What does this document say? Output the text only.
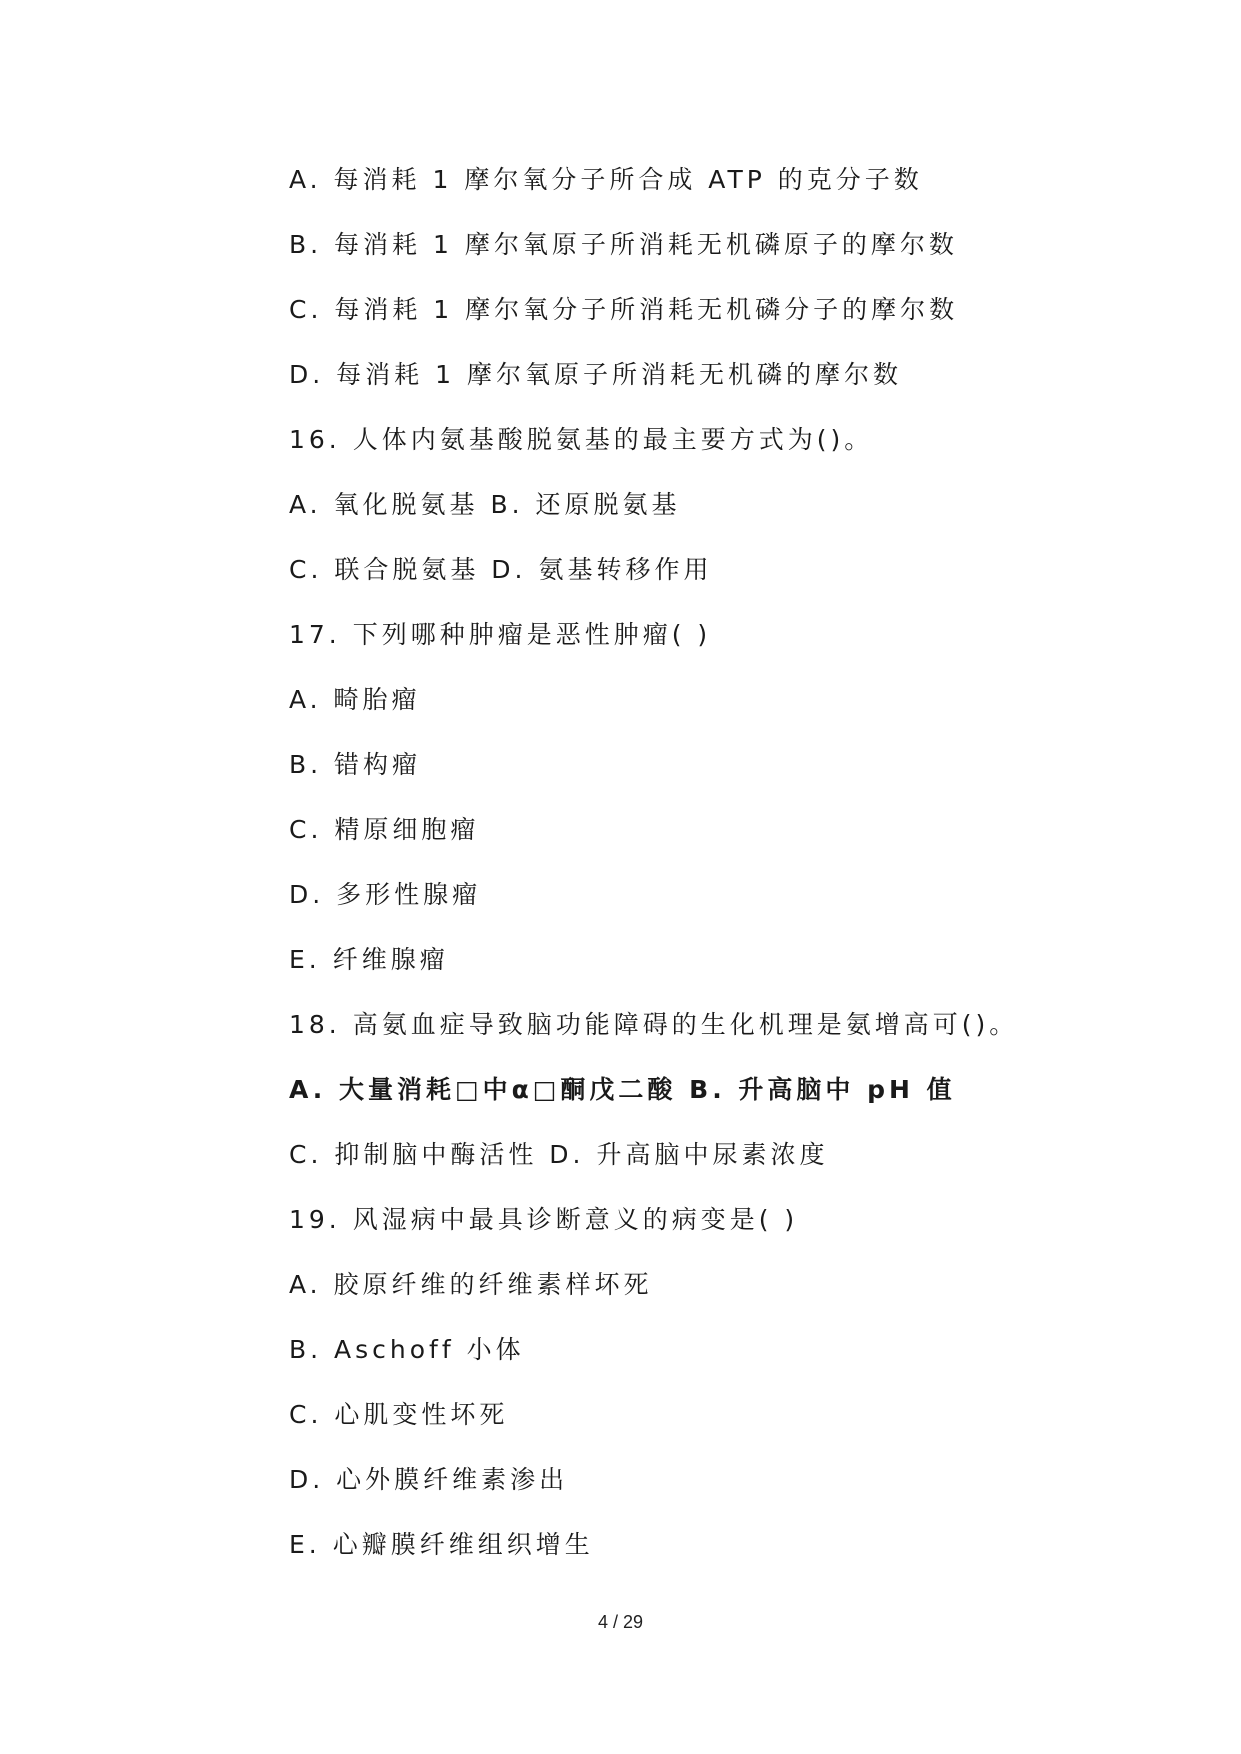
A. 每消耗 1 摩尔氧分子所合成 ATP 的克分子数
B. 每消耗 1 摩尔氧原子所消耗无机磷原子的摩尔数
C. 每消耗 1 摩尔氧分子所消耗无机磷分子的摩尔数
D. 每消耗 1 摩尔氧原子所消耗无机磷的摩尔数
16. 人体内氨基酸脱氨基的最主要方式为()。
A. 氧化脱氨基 B. 还原脱氨基
C. 联合脱氨基 D. 氨基转移作用
17. 下列哪种肿瘤是恶性肿瘤( )
A. 畸胎瘤
B. 错构瘤
C. 精原细胞瘤
D. 多形性腺瘤
E. 纤维腺瘤
18. 高氨血症导致脑功能障碍的生化机理是氨增高可()。
A. 大量消耗□中α□酮戊二酸 B. 升高脑中 pH 值
C. 抑制脑中酶活性 D. 升高脑中尿素浓度
19. 风湿病中最具诊断意义的病变是( )
A. 胶原纤维的纤维素样坏死
B. Aschoff 小体
C. 心肌变性坏死
D. 心外膜纤维素渗出
E. 心瓣膜纤维组织增生
4 / 29
